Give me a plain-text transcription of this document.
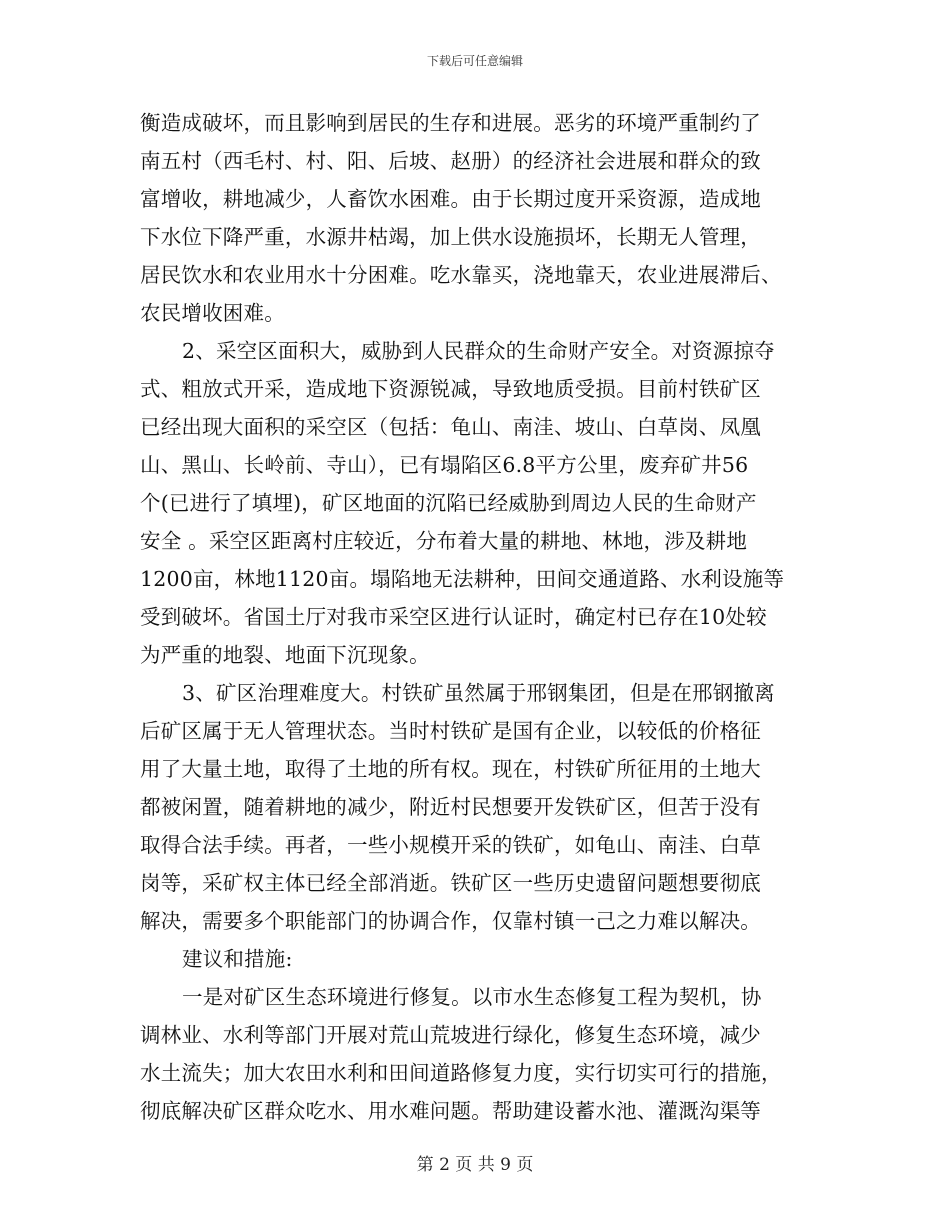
下载后可任意编辑
衡造成破坏，而且影响到居民的生存和进展。恶劣的环境严重制约了
南五村（西毛村、村、阳、后坡、赵册）的经济社会进展和群众的致
富增收，耕地减少，人畜饮水困难。由于长期过度开采资源，造成地
下水位下降严重，水源井枯竭，加上供水设施损坏，长期无人管理，
居民饮水和农业用水十分困难。吃水靠买，浇地靠天，农业进展滞后、
农民增收困难。
2、采空区面积大，威胁到人民群众的生命财产安全。对资源掠夺
式、粗放式开采，造成地下资源锐减，导致地质受损。目前村铁矿区
已经出现大面积的采空区（包括：龟山、南洼、坡山、白草岗、凤凰
山、黑山、长岭前、寺山），已有塌陷区6.8平方公里，废弃矿井56
个(已进行了填埋)，矿区地面的沉陷已经威胁到周边人民的生命财产
安全 。采空区距离村庄较近，分布着大量的耕地、林地，涉及耕地
1200亩，林地1120亩。塌陷地无法耕种，田间交通道路、水利设施等
受到破坏。省国土厅对我市采空区进行认证时，确定村已存在10处较
为严重的地裂、地面下沉现象。
3、矿区治理难度大。村铁矿虽然属于邢钢集团，但是在邢钢撤离
后矿区属于无人管理状态。当时村铁矿是国有企业，以较低的价格征
用了大量土地，取得了土地的所有权。现在，村铁矿所征用的土地大
都被闲置，随着耕地的减少，附近村民想要开发铁矿区，但苦于没有
取得合法手续。再者，一些小规模开采的铁矿，如龟山、南洼、白草
岗等，采矿权主体已经全部消逝。铁矿区一些历史遗留问题想要彻底
解决，需要多个职能部门的协调合作，仅靠村镇一己之力难以解决。
建议和措施:
一是对矿区生态环境进行修复。以市水生态修复工程为契机，协
调林业、水利等部门开展对荒山荒坡进行绿化，修复生态环境，减少
水土流失；加大农田水利和田间道路修复力度，实行切实可行的措施，
彻底解决矿区群众吃水、用水难问题。帮助建设蓄水池、灌溉沟渠等
第 2 页 共 9 页
